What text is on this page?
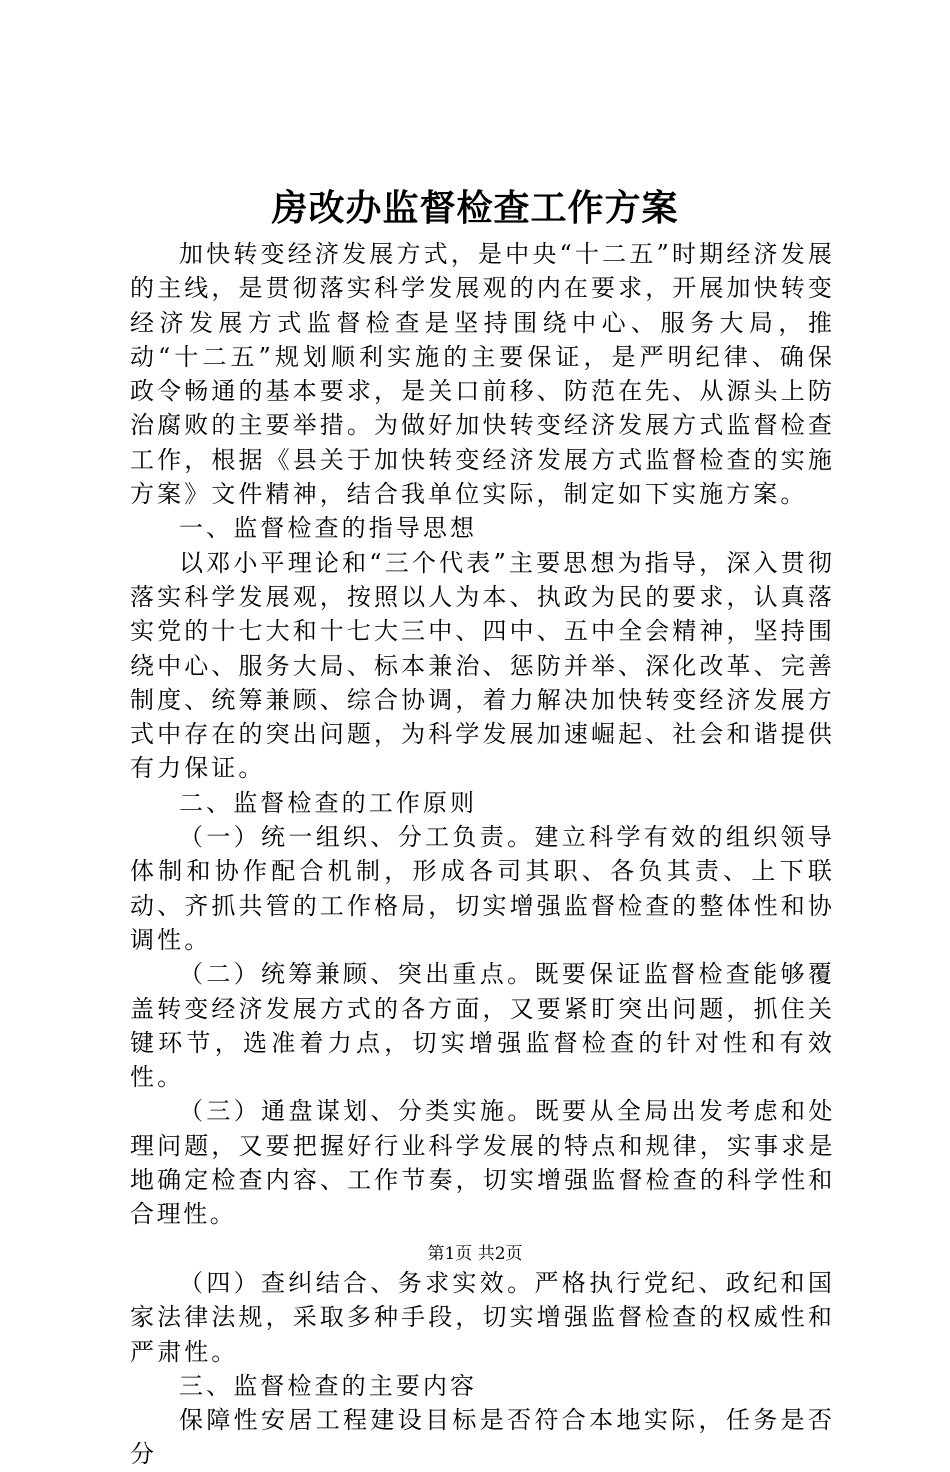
房改办监督检查工作方案

加快转变经济发展方式，是中央“十二五”时期经济发展的主线，是贯彻落实科学发展观的内在要求，开展加快转变经济发展方式监督检查是坚持围绕中心、服务大局，推动“十二五”规划顺利实施的主要保证，是严明纪律、确保政令畅通的基本要求，是关口前移、防范在先、从源头上防治腐败的主要举措。为做好加快转变经济发展方式监督检查工作，根据《县关于加快转变经济发展方式监督检查的实施方案》文件精神，结合我单位实际，制定如下实施方案。

一、监督检查的指导思想

以邓小平理论和“三个代表”主要思想为指导，深入贯彻落实科学发展观，按照以人为本、执政为民的要求，认真落实党的十七大和十七大三中、四中、五中全会精神，坚持围绕中心、服务大局、标本兼治、惩防并举、深化改革、完善制度、统筹兼顾、综合协调，着力解决加快转变经济发展方式中存在的突出问题，为科学发展加速崛起、社会和谐提供有力保证。

二、监督检查的工作原则

（一）统一组织、分工负责。建立科学有效的组织领导体制和协作配合机制，形成各司其职、各负其责、上下联动、齐抓共管的工作格局，切实增强监督检查的整体性和协调性。

（二）统筹兼顾、突出重点。既要保证监督检查能够覆盖转变经济发展方式的各方面，又要紧盯突出问题，抓住关键环节，选准着力点，切实增强监督检查的针对性和有效性。

（三）通盘谋划、分类实施。既要从全局出发考虑和处理问题，又要把握好行业科学发展的特点和规律，实事求是地确定检查内容、工作节奏，切实增强监督检查的科学性和合理性。

（四）查纠结合、务求实效。严格执行党纪、政纪和国家法律法规，采取多种手段，切实增强监督检查的权威性和严肃性。

三、监督检查的主要内容

保障性安居工程建设目标是否符合本地实际，任务是否分

第1页 共2页
